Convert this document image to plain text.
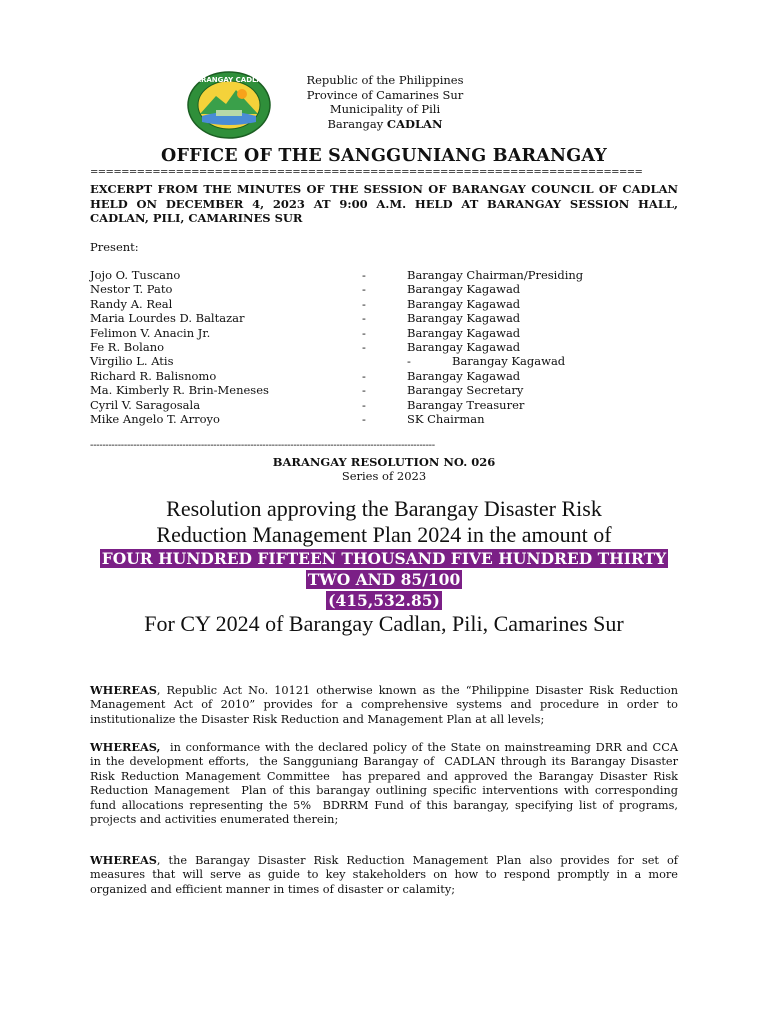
BARANGAY CADLAN	Republic of the Philippines
Province of Camarines Sur
Municipality of Pili
Barangay CADLAN
OFFICE OF THE SANGGUNIANG BARANGAY
=======================================================================
EXCERPT FROM THE MINUTES OF THE SESSION OF BARANGAY COUNCIL OF CADLAN HELD ON DECEMBER 4, 2023 AT 9:00 A.M. HELD AT BARANGAY SESSION HALL, CADLAN, PILI, CAMARINES SUR
Present:
Jojo O. Tuscano	-	Barangay Chairman/Presiding
Nestor T. Pato	-	Barangay Kagawad
Randy A. Real	-	Barangay Kagawad
Maria Lourdes D. Baltazar	-	Barangay Kagawad
Felimon V. Anacin Jr.	-	Barangay Kagawad
Fe R. Bolano	-	Barangay Kagawad
Virgilio L. Atis	-	Barangay Kagawad
Richard R. Balisnomo	-	Barangay Kagawad
Ma. Kimberly R. Brin-Meneses	-	Barangay Secretary
Cyril V. Saragosala	-	Barangay Treasurer
Mike Angelo T. Arroyo	-	SK Chairman
----------------------------------------------------------------------------------------------------------------
BARANGAY RESOLUTION NO. 026
Series of 2023
Resolution approving the Barangay Disaster Risk
Reduction Management Plan 2024 in the amount of
FOUR HUNDRED FIFTEEN THOUSAND FIVE HUNDRED THIRTY TWO AND 85/100
(415,532.85)
For CY 2024 of Barangay Cadlan, Pili, Camarines Sur
WHEREAS, Republic Act No. 10121 otherwise known as the “Philippine Disaster Risk Reduction Management Act of 2010” provides for a comprehensive systems and procedure in order to institutionalize the Disaster Risk Reduction and Management Plan at all levels;
WHEREAS,  in conformance with the declared policy of the State on mainstreaming DRR and CCA  in the development efforts,  the Sangguniang Barangay of  CADLAN through its Barangay Disaster Risk Reduction Management Committee  has prepared and approved the Barangay Disaster Risk Reduction Management  Plan of this barangay outlining specific interventions with corresponding fund allocations representing the 5%  BDRRM Fund of this barangay, specifying list of programs, projects and activities enumerated therein;
WHEREAS, the Barangay Disaster Risk Reduction Management Plan also provides for set of measures that will serve as guide to key stakeholders on how to respond promptly in a more organized and efficient manner in times of disaster or calamity;
